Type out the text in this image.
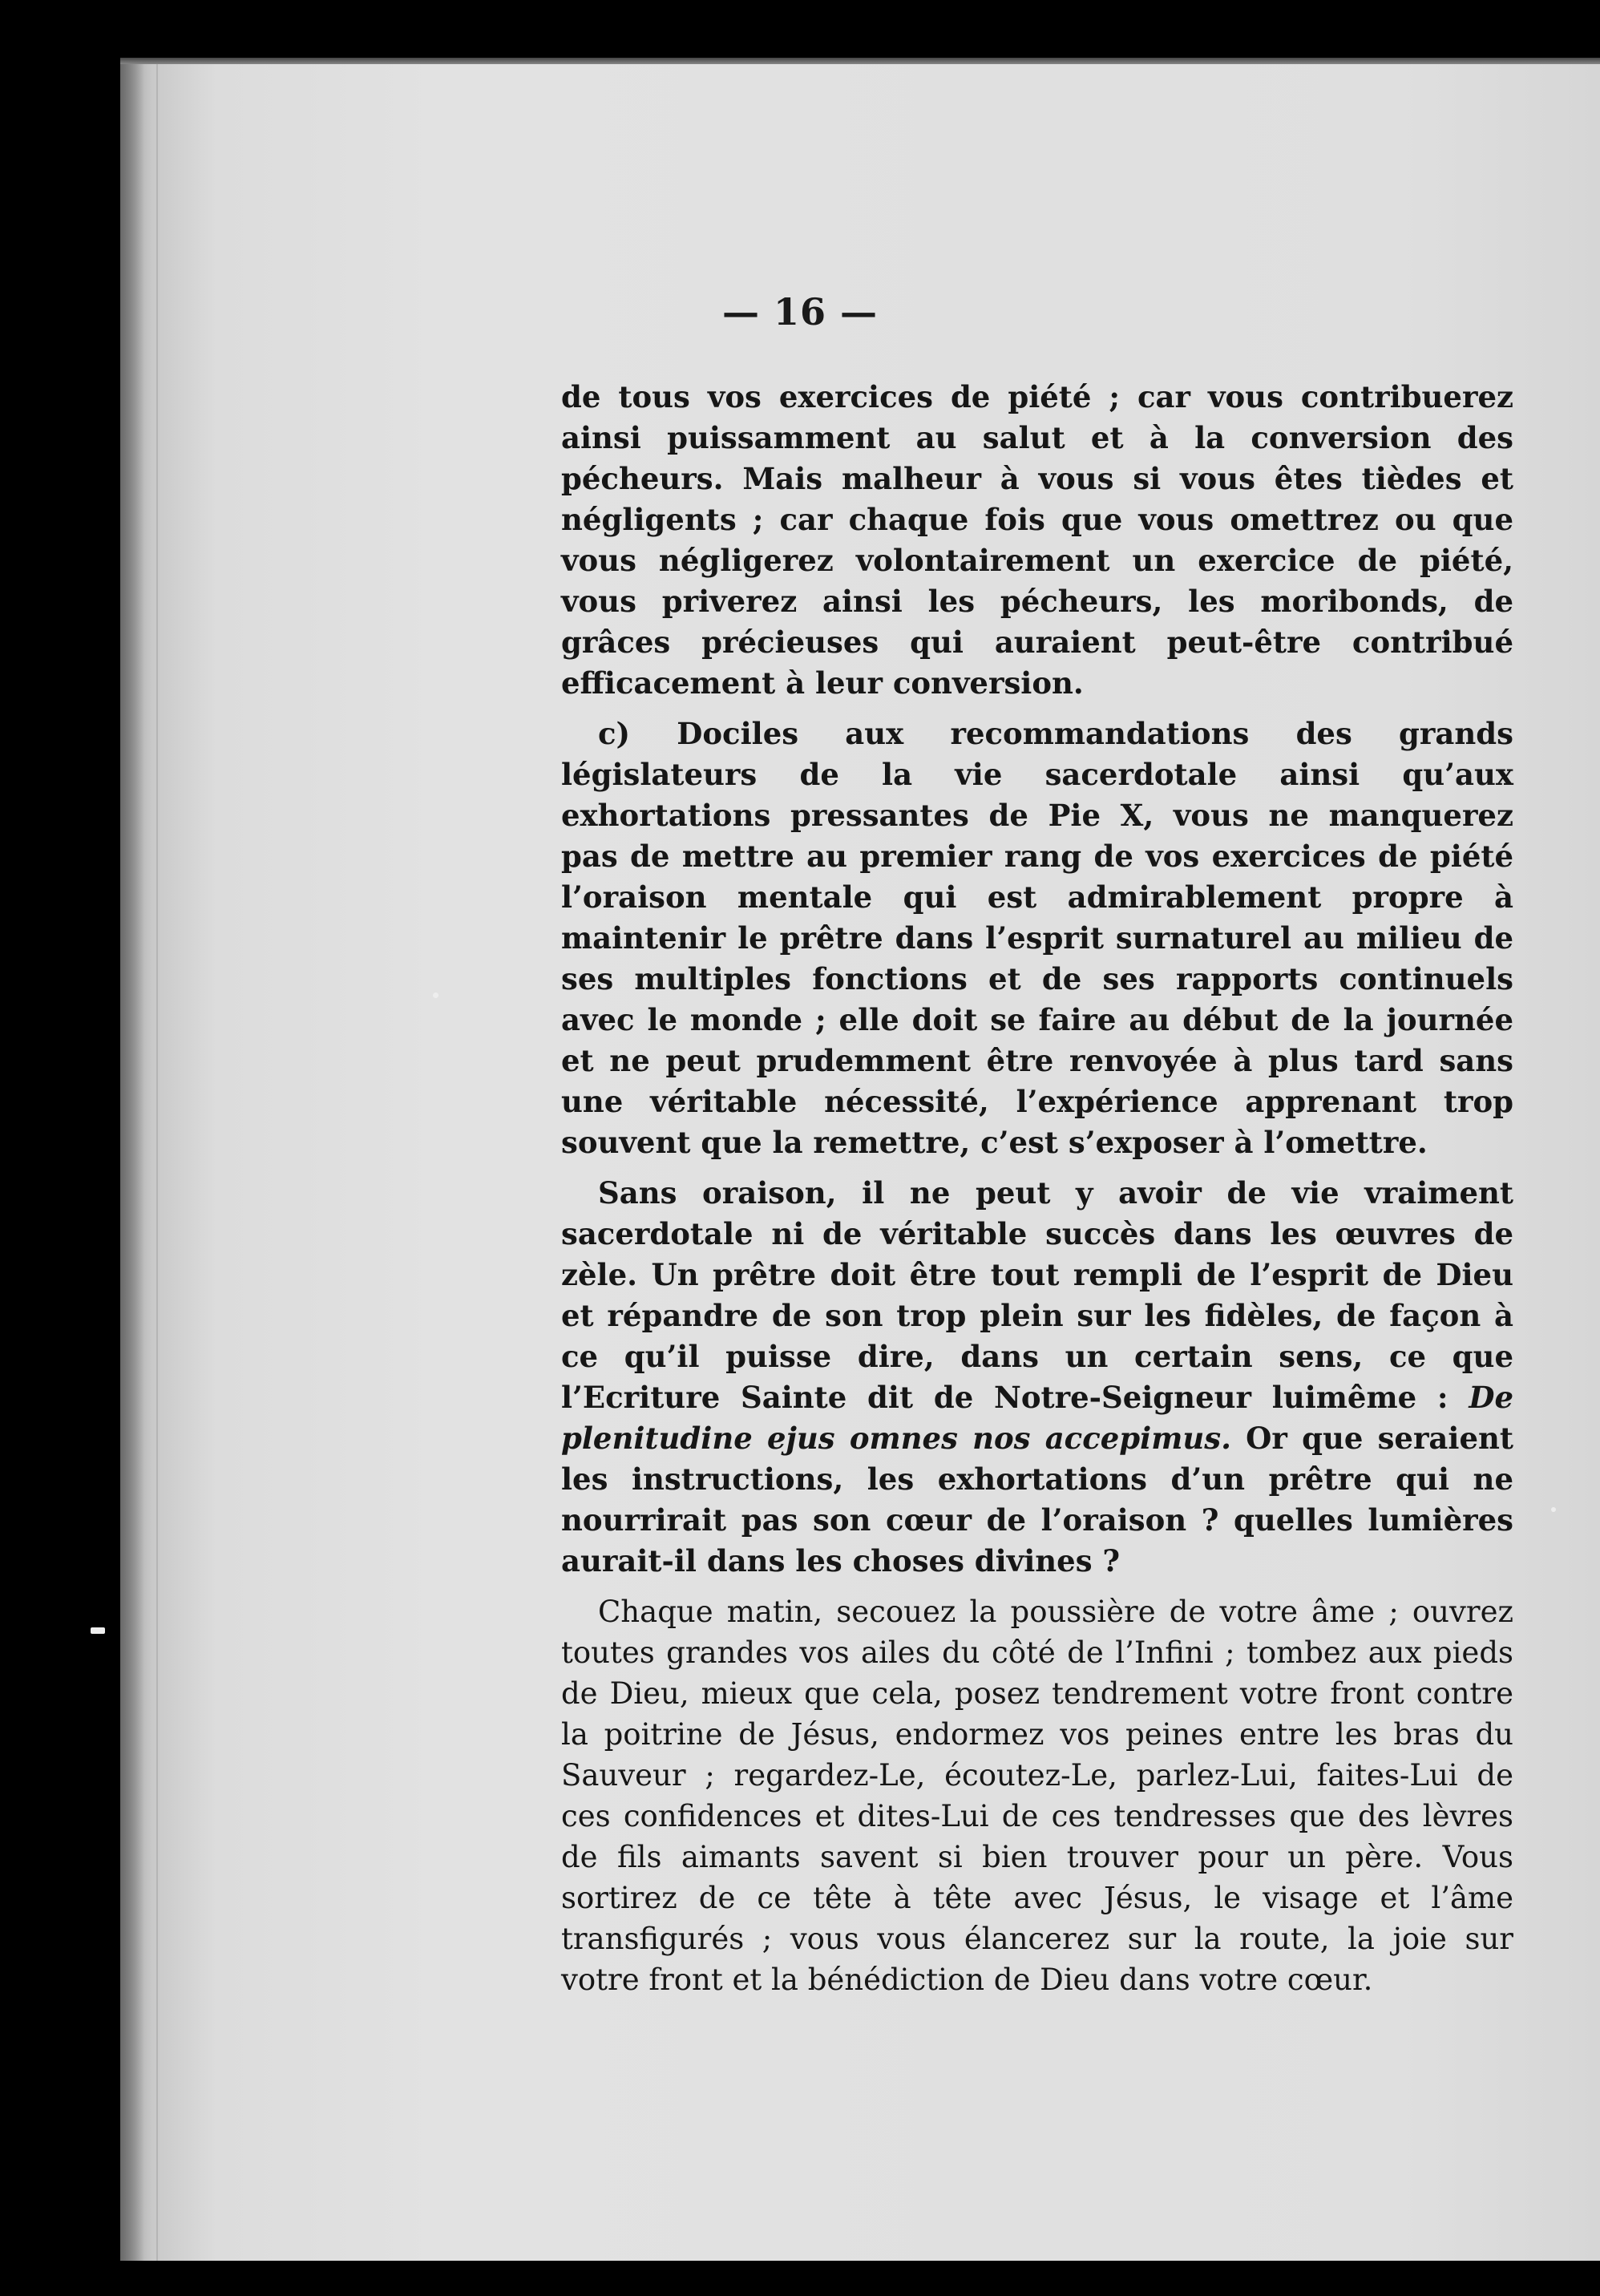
— 16 —

de tous vos exercices de piété ; car vous contribuerez ainsi puissamment au salut et à la conversion des pécheurs. Mais malheur à vous si vous êtes tièdes et négligents ; car chaque fois que vous omettrez ou que vous négligerez volontairement un exercice de piété, vous priverez ainsi les pécheurs, les moribonds, de grâces précieuses qui auraient peut-être contribué efficacement à leur conversion.

c) Dociles aux recommandations des grands législateurs de la vie sacerdotale ainsi qu’aux exhortations pressantes de Pie X, vous ne manquerez pas de mettre au premier rang de vos exercices de piété l’oraison mentale qui est admirablement propre à maintenir le prêtre dans l’esprit surnaturel au milieu de ses multiples fonctions et de ses rapports continuels avec le monde ; elle doit se faire au début de la journée et ne peut prudemment être renvoyée à plus tard sans une véritable nécessité, l’expérience apprenant trop souvent que la remettre, c’est s’exposer à l’omettre.

Sans oraison, il ne peut y avoir de vie vraiment sacerdotale ni de véritable succès dans les œuvres de zèle. Un prêtre doit être tout rempli de l’esprit de Dieu et répandre de son trop plein sur les fidèles, de façon à ce qu’il puisse dire, dans un certain sens, ce que l’Ecriture Sainte dit de Notre-Seigneur luimême : De plenitudine ejus omnes nos accepimus. Or que seraient les instructions, les exhortations d’un prêtre qui ne nourrirait pas son cœur de l’oraison ? quelles lumières aurait-il dans les choses divines ?

Chaque matin, secouez la poussière de votre âme ; ouvrez toutes grandes vos ailes du côté de l’Infini ; tombez aux pieds de Dieu, mieux que cela, posez tendrement votre front contre la poitrine de Jésus, endormez vos peines entre les bras du Sauveur ; regardez-Le, écoutez-Le, parlez-Lui, faites-Lui de ces confidences et dites-Lui de ces tendresses que des lèvres de fils aimants savent si bien trouver pour un père. Vous sortirez de ce tête à tête avec Jésus, le visage et l’âme transfigurés ; vous vous élancerez sur la route, la joie sur votre front et la bénédiction de Dieu dans votre cœur.
